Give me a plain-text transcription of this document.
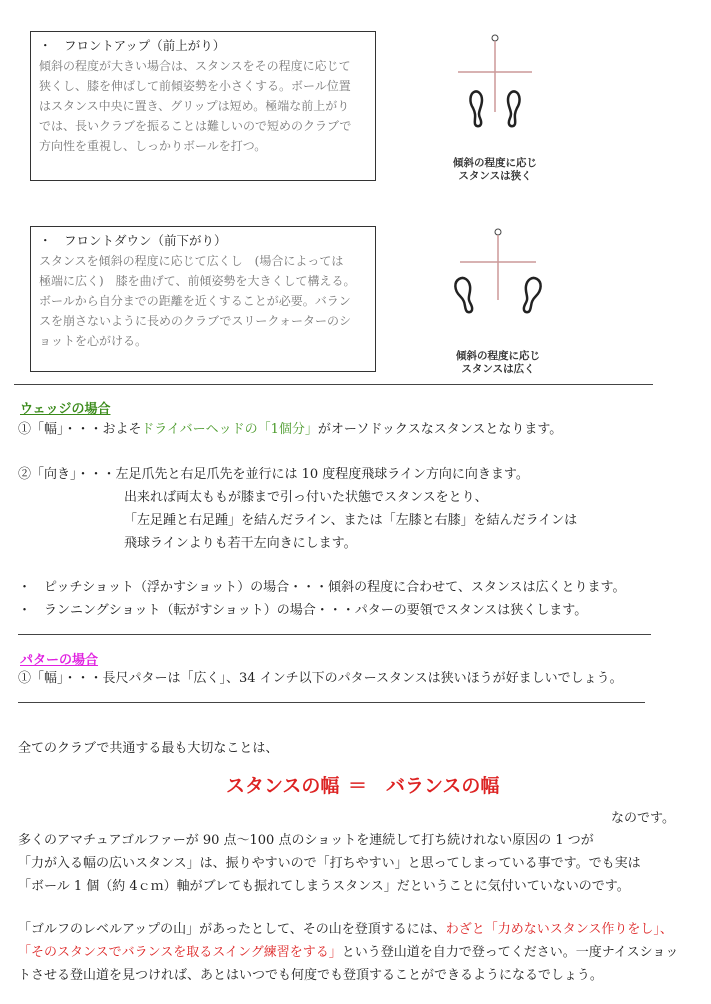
・　フロントアップ（前上がり）
傾斜の程度が大きい場合は、スタンスをその程度に応じて
狭くし、膝を伸ばして前傾姿勢を小さくする。ボール位置
はスタンス中央に置き、グリップは短め。極端な前上がり
では、長いクラブを振ることは難しいので短めのクラブで
方向性を重視し、しっかりボールを打つ。
傾斜の程度に応じ
スタンスは狭く
・　フロントダウン（前下がり）
スタンスを傾斜の程度に応じて広くし　(場合によっては
極端に広く)　膝を曲げて、前傾姿勢を大きくして構える。
ボールから自分までの距離を近くすることが必要。バラン
スを崩さないように長めのクラブでスリークォーターのシ
ョットを心がける。
傾斜の程度に応じ
スタンスは広く
ウェッジの場合
①「幅」・・・およそドライバーヘッドの「1個分」がオーソドックスなスタンスとなります。
②「向き」・・・左足爪先と右足爪先を並行には 10 度程度飛球ライン方向に向きます。
出来れば両太ももが膝まで引っ付いた状態でスタンスをとり、
「左足踵と右足踵」を結んだライン、または「左膝と右膝」を結んだラインは
飛球ラインよりも若干左向きにします。
・　ピッチショット（浮かすショット）の場合・・・傾斜の程度に合わせて、スタンスは広くとります。
・　ランニングショット（転がすショット）の場合・・・パターの要領でスタンスは狭くします。
パターの場合
①「幅」・・・長尺パターは「広く」、34 インチ以下のパタースタンスは狭いほうが好ましいでしょう。
全てのクラブで共通する最も大切なことは、
スタンスの幅 ＝ バランスの幅
なのです。
多くのアマチュアゴルファーが 90 点～100 点のショットを連続して打ち続けれない原因の 1 つが
「力が入る幅の広いスタンス」は、振りやすいので「打ちやすい」と思ってしまっている事です。でも実は
「ボール 1 個（約 4ｃｍ）軸がブレても振れてしまうスタンス」だということに気付いていないのです。
「ゴルフのレベルアップの山」があったとして、その山を登頂するには、わざと「力めないスタンス作りをし」、
「そのスタンスでバランスを取るスイング練習をする」という登山道を自力で登ってください。一度ナイスショッ
トさせる登山道を見つければ、あとはいつでも何度でも登頂することができるようになるでしょう。
